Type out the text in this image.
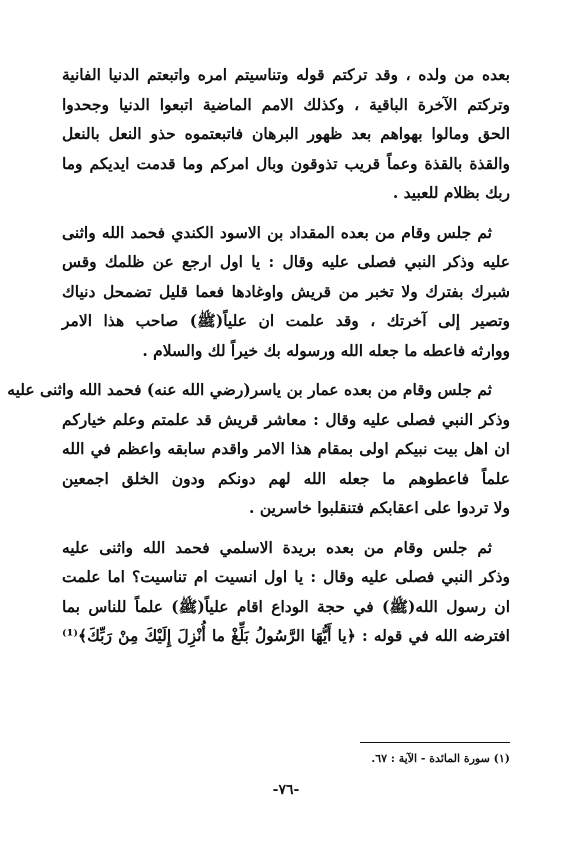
بعده من ولده ، وقد تركتم قوله وتناسيتم امره واتبعتم الدنيا الفانية
وتركتم الآخرة الباقية ، وكذلك الامم الماضية اتبعوا الدنيا وجحدوا
الحق ومالوا بهواهم بعد ظهور البرهان فاتبعتموه حذو النعل بالنعل
والقذة بالقذة وعماً قريب تذوقون وبال امركم وما قدمت ايديكم وما
ربك بظلام للعبيد .
ثم جلس وقام من بعده المقداد بن الاسود الكندي فحمد الله واثنى
عليه وذكر النبي فصلى عليه وقال : يا اول ارجع عن ظلمك وقس
شبرك بفترك ولا تخبر من قريش واوغادها فعما قليل تضمحل دنياك
وتصير إلى آخرتك ، وقد علمت ان علياً(ﷺ) صاحب هذا الامر
ووارثه فاعطه ما جعله الله ورسوله بك خيراً لك والسلام .
ثم جلس وقام من بعده عمار بن ياسر(رضي الله عنه) فحمد الله واثنى عليه
وذكر النبي فصلى عليه وقال : معاشر قريش قد علمتم وعلم خياركم
ان اهل بيت نبيكم اولى بمقام هذا الامر واقدم سابقه واعظم في الله
علماً فاعطوهم ما جعله الله لهم دونكم ودون الخلق اجمعين
ولا تردوا على اعقابكم فتنقلبوا خاسرين .
ثم جلس وقام من بعده بريدة الاسلمي فحمد الله واثنى عليه
وذكر النبي فصلى عليه وقال : يا اول انسيت ام تناسيت؟ اما علمت
ان رسول الله(ﷺ) في حجة الوداع اقام علياً(ﷺ) علماً للناس بما
افترضه الله في قوله : ﴿يا أَيُّهَا الرَّسُولُ بَلِّغْ ما أُنْزِلَ إِلَيْكَ مِنْ رَبِّكَ﴾⁽¹⁾
(١) سورة المائدة - الآية : ٦٧.
-٧٦-
